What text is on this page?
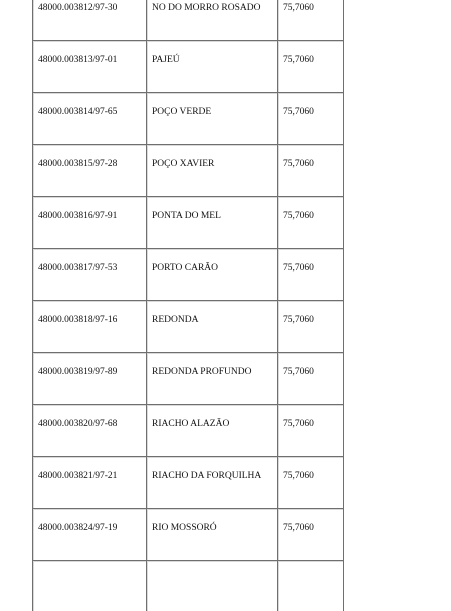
48000.003812/97-30	NO DO MORRO ROSADO	75,7060

48000.003813/97-01	PAJEÚ	75,7060

48000.003814/97-65	POÇO VERDE	75,7060

48000.003815/97-28	POÇO XAVIER	75,7060

48000.003816/97-91	PONTA DO MEL	75,7060

48000.003817/97-53	PORTO CARÃO	75,7060

48000.003818/97-16	REDONDA	75,7060

48000.003819/97-89	REDONDA PROFUNDO	75,7060

48000.003820/97-68	RIACHO ALAZÃO	75,7060

48000.003821/97-21	RIACHO DA FORQUILHA	75,7060

48000.003824/97-19	RIO MOSSORÓ	75,7060
